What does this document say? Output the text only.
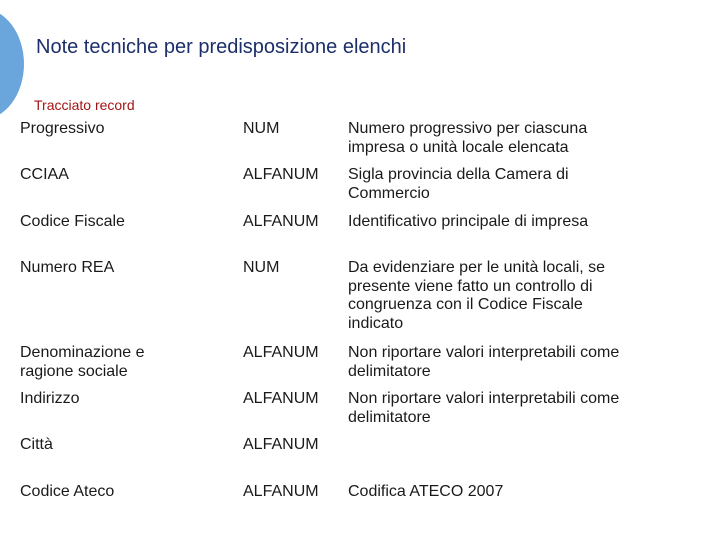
Note tecniche per predisposizione elenchi
Tracciato record
Progressivo	NUM	Numero progressivo per ciascuna
impresa o unità locale elencata
CCIAA	ALFANUM Sigla provincia della Camera di
Commercio
Codice Fiscale	ALFANUM Identificativo principale di impresa
Numero REA	NUM	Da evidenziare per le unità locali, se
presente viene fatto un controllo di
congruenza con il Codice Fiscale
indicato
Denominazione e
ragione sociale
ALFANUM Non riportare valori interpretabili come
delimitatore
Indirizzo	ALFANUM Non riportare valori interpretabili come
delimitatore
Città	ALFANUM
Codice Ateco	ALFANUM Codifica ATECO 2007
